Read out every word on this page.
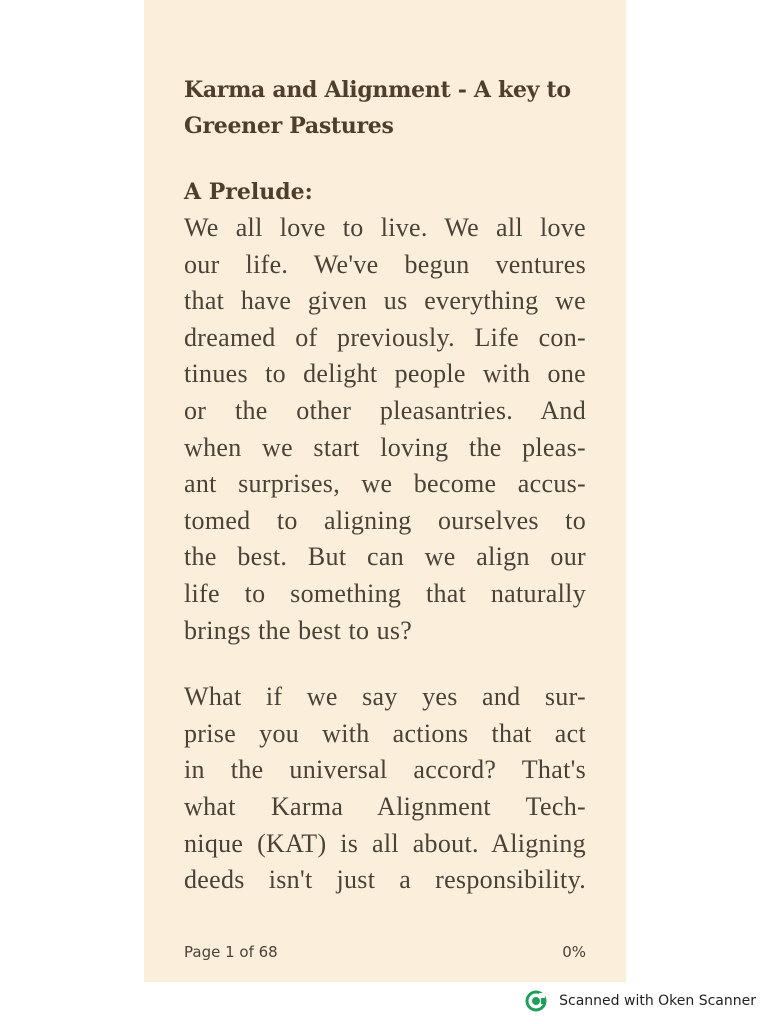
Karma and Alignment - A key to
Greener Pastures
A Prelude:

We all love to live. We all love
our life. We've begun ventures
that have given us everything we
dreamed of previously. Life con-
tinues to delight people with one
or the other pleasantries. And
when we start loving the pleas-
ant surprises, we become accus-
tomed to aligning ourselves to
the best. But can we align our
life to something that naturally
brings the best to us?

What if we say yes and sur-
prise you with actions that act
in the universal accord? That's
what Karma Alignment Tech-
nique (KAT) is all about. Aligning
deeds isn't just a responsibility.

Page 1 of 68	0%
Scanned with Oken Scanner
